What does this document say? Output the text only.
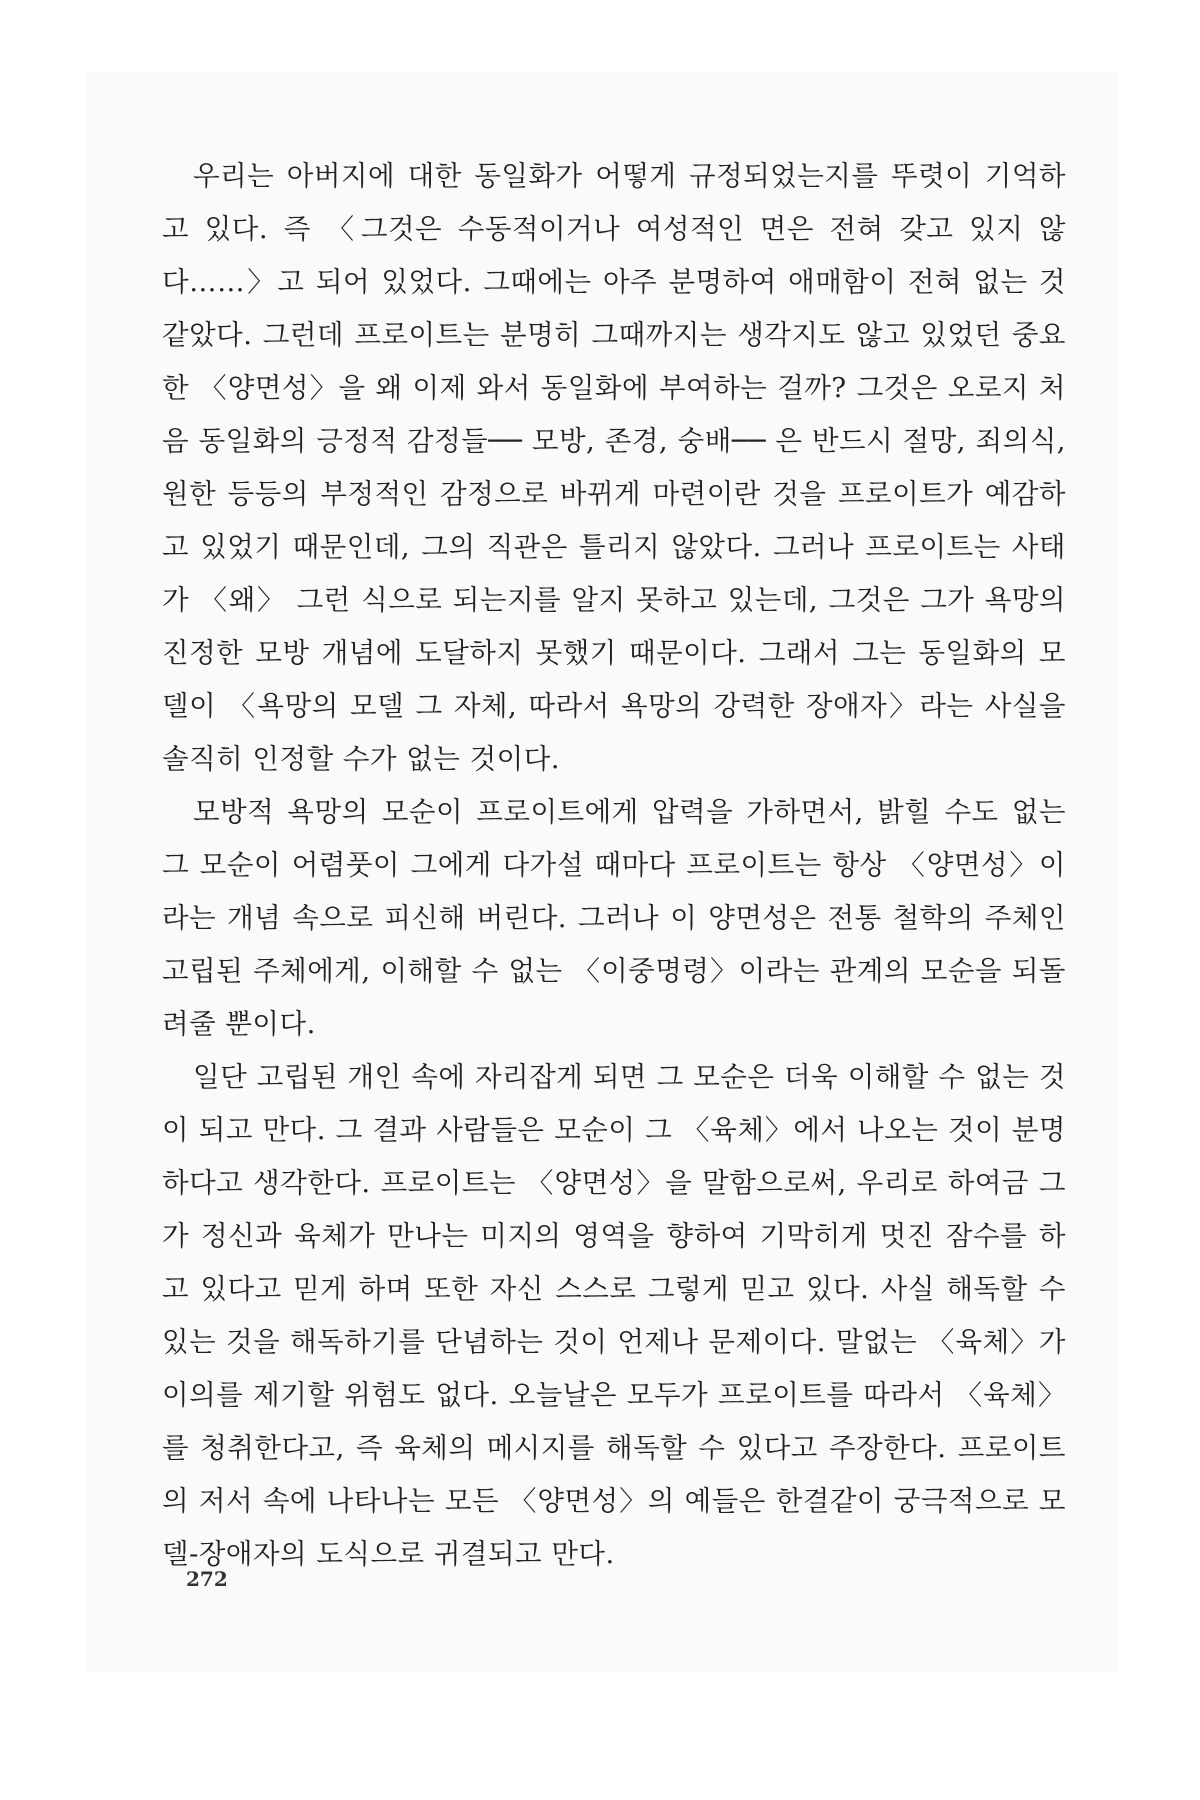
우리는 아버지에 대한 동일화가 어떻게 규정되었는지를 뚜렷이 기억하고 있다. 즉 〈그것은 수동적이거나 여성적인 면은 전혀 갖고 있지 않다……〉고 되어 있었다. 그때에는 아주 분명하여 애매함이 전혀 없는 것 같았다. 그런데 프로이트는 분명히 그때까지는 생각지도 않고 있었던 중요한 〈양면성〉을 왜 이제 와서 동일화에 부여하는 걸까? 그것은 오로지 처음 동일화의 긍정적 감정들── 모방, 존경, 숭배── 은 반드시 절망, 죄의식, 원한 등등의 부정적인 감정으로 바뀌게 마련이란 것을 프로이트가 예감하고 있었기 때문인데, 그의 직관은 틀리지 않았다. 그러나 프로이트는 사태가 〈왜〉 그런 식으로 되는지를 알지 못하고 있는데, 그것은 그가 욕망의 진정한 모방 개념에 도달하지 못했기 때문이다. 그래서 그는 동일화의 모델이 〈욕망의 모델 그 자체, 따라서 욕망의 강력한 장애자〉라는 사실을 솔직히 인정할 수가 없는 것이다.

모방적 욕망의 모순이 프로이트에게 압력을 가하면서, 밝힐 수도 없는 그 모순이 어렴풋이 그에게 다가설 때마다 프로이트는 항상 〈양면성〉이라는 개념 속으로 피신해 버린다. 그러나 이 양면성은 전통 철학의 주체인 고립된 주체에게, 이해할 수 없는 〈이중명령〉이라는 관계의 모순을 되돌려줄 뿐이다.

일단 고립된 개인 속에 자리잡게 되면 그 모순은 더욱 이해할 수 없는 것이 되고 만다. 그 결과 사람들은 모순이 그 〈육체〉에서 나오는 것이 분명하다고 생각한다. 프로이트는 〈양면성〉을 말함으로써, 우리로 하여금 그가 정신과 육체가 만나는 미지의 영역을 향하여 기막히게 멋진 잠수를 하고 있다고 믿게 하며 또한 자신 스스로 그렇게 믿고 있다. 사실 해독할 수 있는 것을 해독하기를 단념하는 것이 언제나 문제이다. 말없는 〈육체〉가 이의를 제기할 위험도 없다. 오늘날은 모두가 프로이트를 따라서 〈육체〉를 청취한다고, 즉 육체의 메시지를 해독할 수 있다고 주장한다. 프로이트의 저서 속에 나타나는 모든 〈양면성〉의 예들은 한결같이 궁극적으로 모델-장애자의 도식으로 귀결되고 만다.

272
